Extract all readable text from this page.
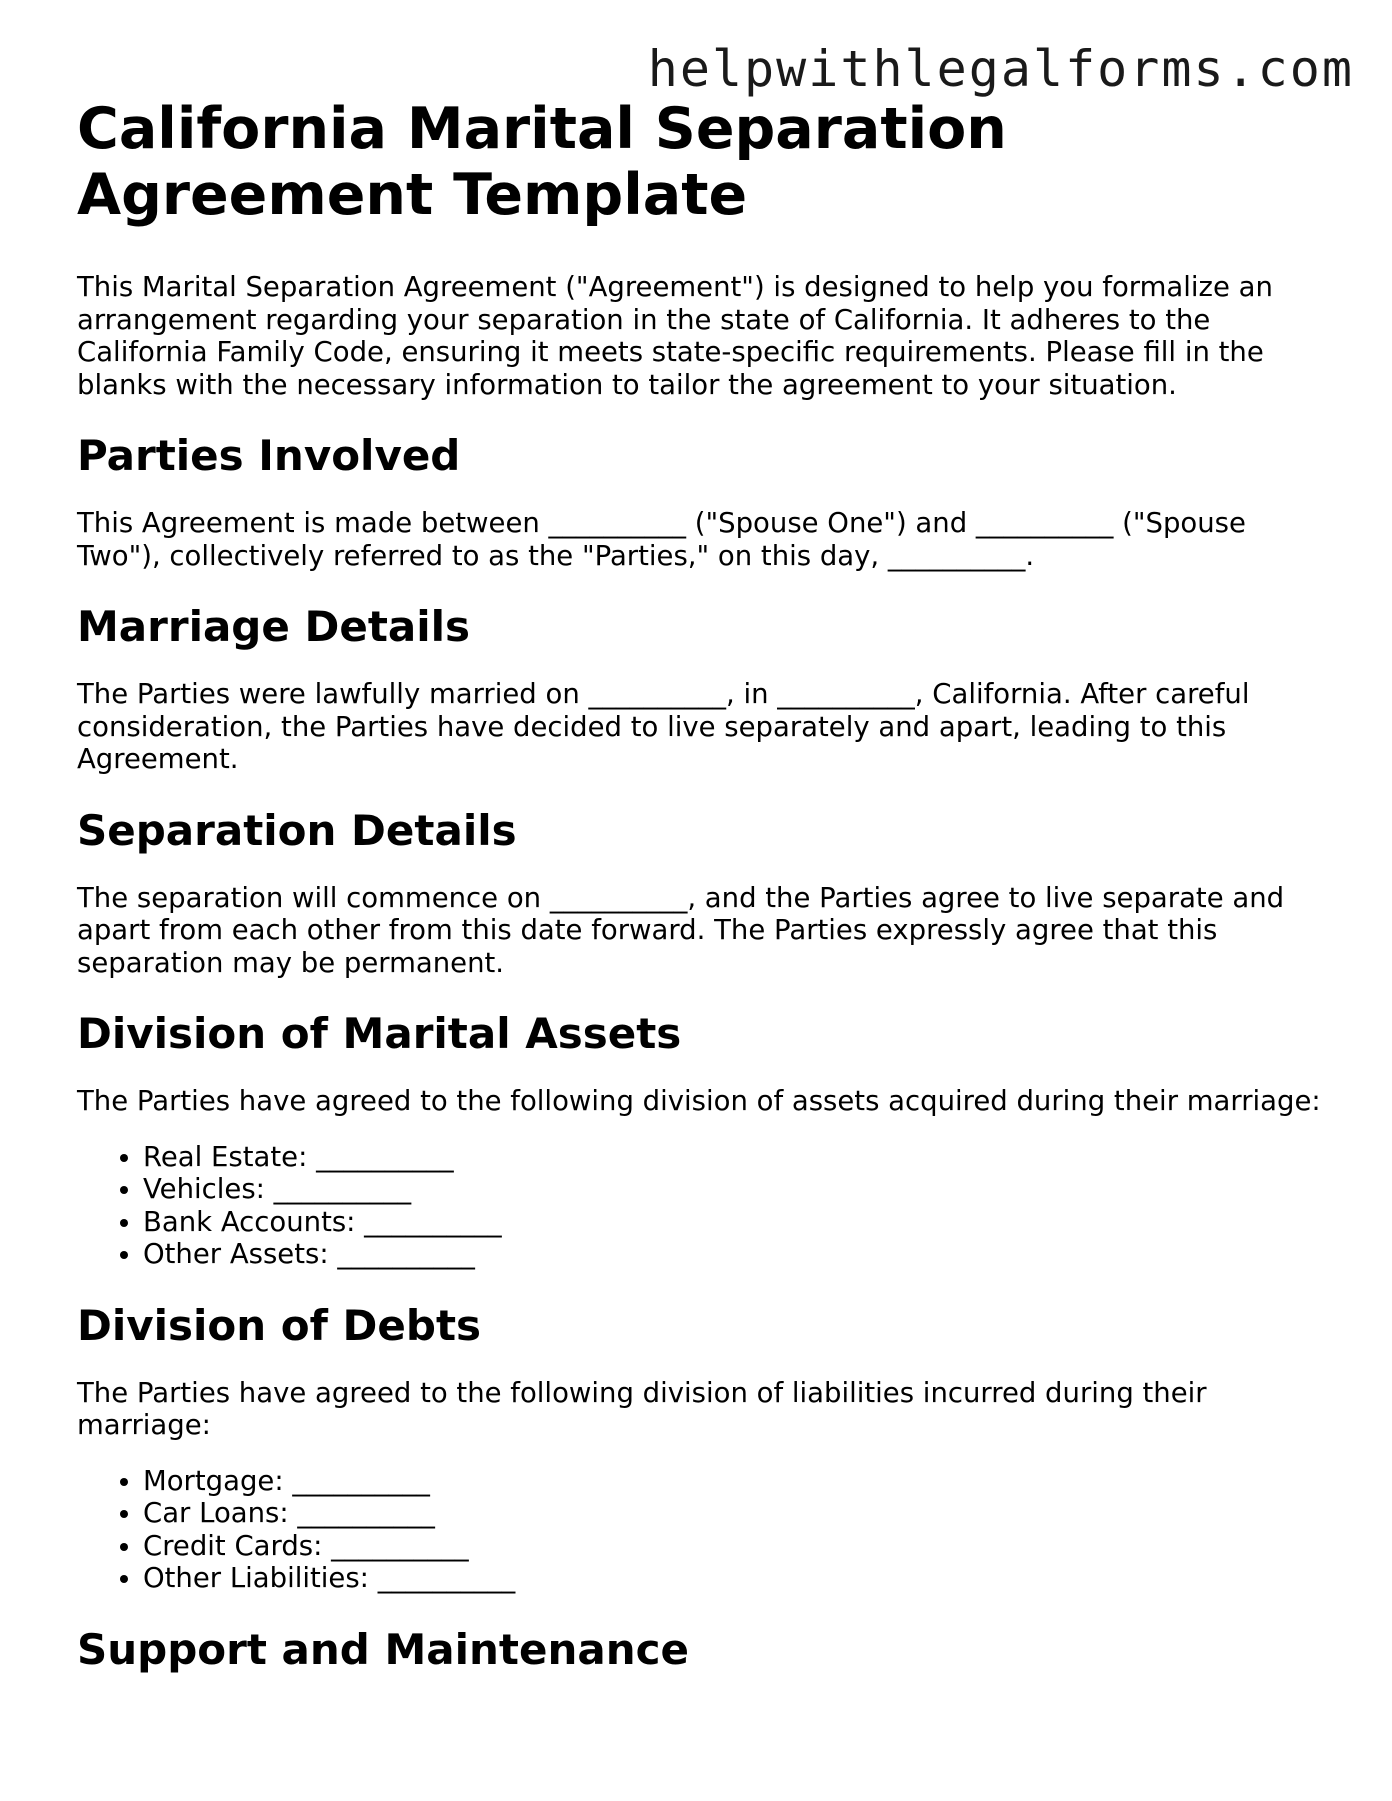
helpwithlegalforms.com
California Marital Separation Agreement Template

This Marital Separation Agreement ("Agreement") is designed to help you formalize an arrangement regarding your separation in the state of California. It adheres to the California Family Code, ensuring it meets state-specific requirements. Please fill in the blanks with the necessary information to tailor the agreement to your situation.

Parties Involved

This Agreement is made between __________ ("Spouse One") and __________ ("Spouse Two"), collectively referred to as the "Parties," on this day, __________.

Marriage Details

The Parties were lawfully married on __________, in __________, California. After careful consideration, the Parties have decided to live separately and apart, leading to this Agreement.

Separation Details

The separation will commence on __________, and the Parties agree to live separate and apart from each other from this date forward. The Parties expressly agree that this separation may be permanent.

Division of Marital Assets

The Parties have agreed to the following division of assets acquired during their marriage:

• Real Estate: __________
• Vehicles: __________
• Bank Accounts: __________
• Other Assets: __________
Division of Debts

The Parties have agreed to the following division of liabilities incurred during their marriage:

• Mortgage: __________
• Car Loans: __________
• Credit Cards: __________
• Other Liabilities: __________
Support and Maintenance
